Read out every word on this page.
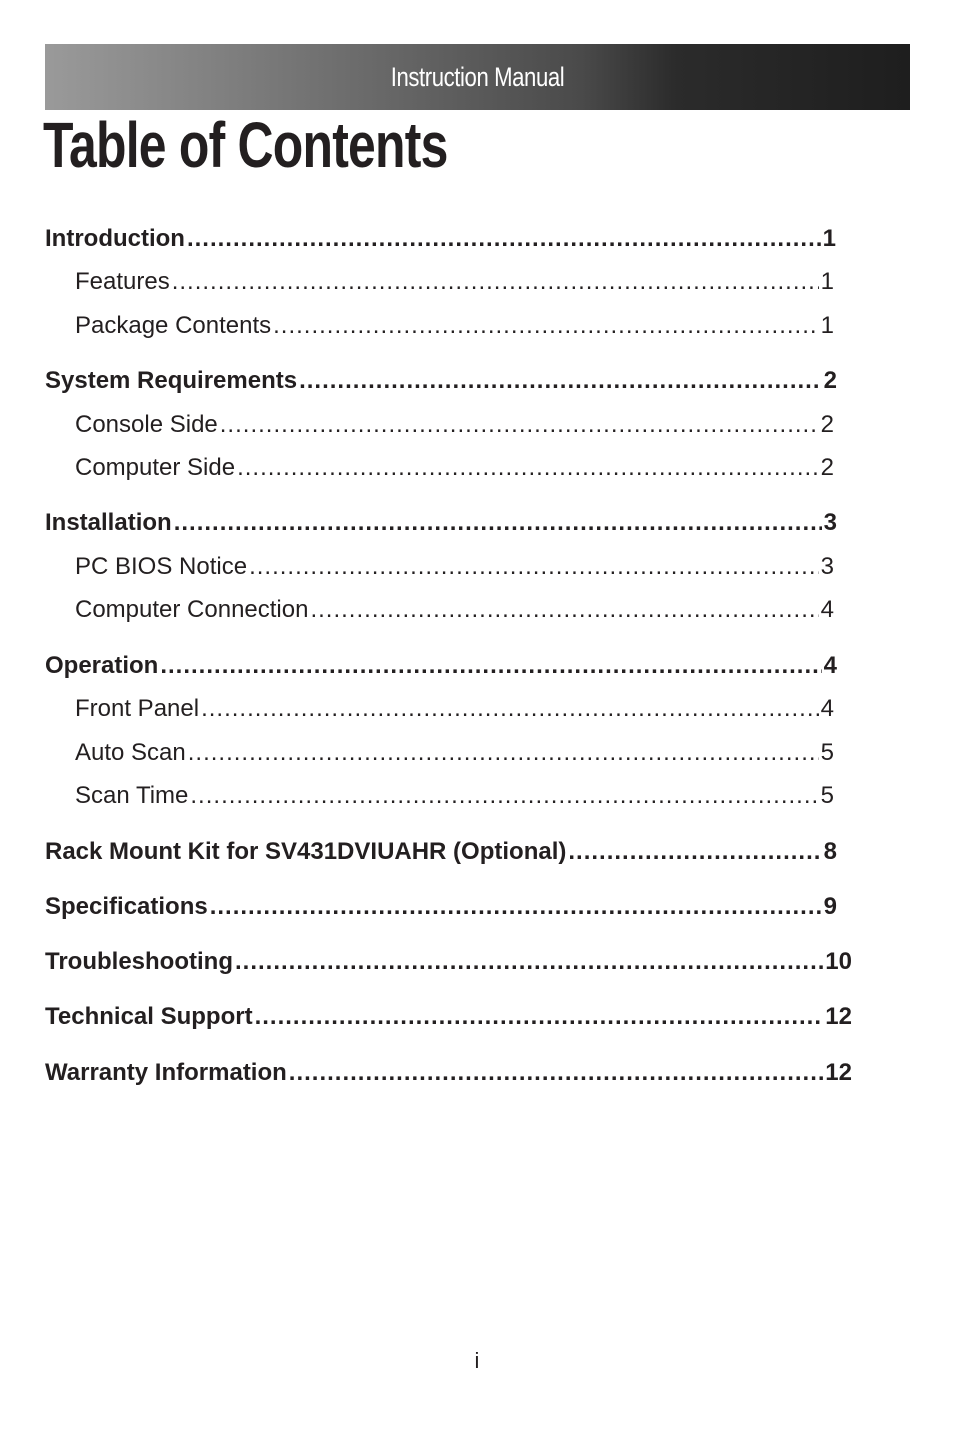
Instruction Manual
Table of Contents
Introduction .....	1
Features .....	1
Package Contents .....	1
System Requirements .....	2
Console Side .....	2
Computer Side .....	2
Installation .....	3
PC BIOS Notice .....	3
Computer Connection .....	4
Operation .....	4
Front Panel .....	4
Auto Scan .....	5
Scan Time .....	5
Rack Mount Kit for SV431DVIUAHR (Optional) .....	8
Specifications .....	9
Troubleshooting .....	10
Technical Support .....	12
Warranty Information .....	12
i
